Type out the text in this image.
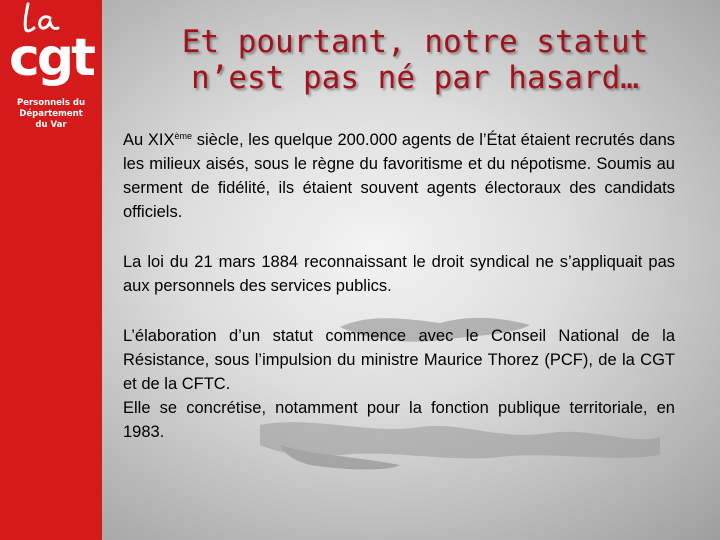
cgt
Personnels du
Département
du Var
Et pourtant, notre statut
n’est pas né par hasard…

Au XIXème siècle, les quelque 200.000 agents de l’État étaient recrutés dans les milieux aisés, sous le règne du favoritisme et du népotisme. Soumis au serment de fidélité, ils étaient souvent agents électoraux des candidats officiels.

La loi du 21 mars 1884 reconnaissant le droit syndical ne s’appliquait pas aux personnels des services publics.

L’élaboration d’un statut commence avec le Conseil National de la Résistance, sous l’impulsion du ministre Maurice Thorez (PCF), de la CGT et de la CFTC.

Elle se concrétise, notamment pour la fonction publique territoriale, en 1983.
